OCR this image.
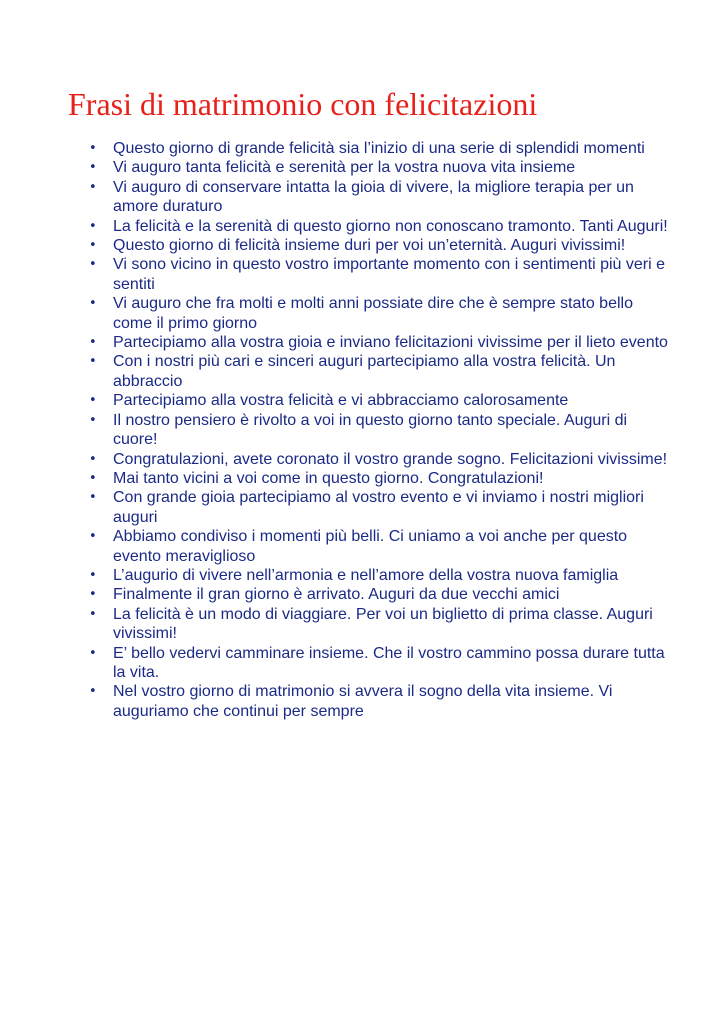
Frasi di matrimonio con felicitazioni
• Questo giorno di grande felicità sia l’inizio di una serie di splendidi momenti
• Vi auguro tanta felicità e serenità per la vostra nuova vita insieme
• Vi auguro di conservare intatta la gioia di vivere, la migliore terapia per un amore duraturo
• La felicità e la serenità di questo giorno non conoscano tramonto. Tanti Auguri!
• Questo giorno di felicità insieme duri per voi un’eternità. Auguri vivissimi!
• Vi sono vicino in questo vostro importante momento con i sentimenti più veri e sentiti
• Vi auguro che fra molti e molti anni possiate dire che è sempre stato bello come il primo giorno
• Partecipiamo alla vostra gioia e inviano felicitazioni vivissime per il lieto evento
• Con i nostri più cari e sinceri auguri partecipiamo alla vostra felicità. Un abbraccio
• Partecipiamo alla vostra felicità e vi abbracciamo calorosamente
• Il nostro pensiero è rivolto a voi in questo giorno tanto speciale. Auguri di cuore!
• Congratulazioni, avete coronato il vostro grande sogno. Felicitazioni vivissime!
• Mai tanto vicini a voi come in questo giorno. Congratulazioni!
• Con grande gioia partecipiamo al vostro evento e vi inviamo i nostri migliori auguri
• Abbiamo condiviso i momenti più belli. Ci uniamo a voi anche per questo evento meraviglioso
• L’augurio di vivere nell’armonia e nell’amore della vostra nuova famiglia
• Finalmente il gran giorno è arrivato. Auguri da due vecchi amici
• La felicità è un modo di viaggiare. Per voi un biglietto di prima classe. Auguri vivissimi!
• E’ bello vedervi camminare insieme. Che il vostro cammino possa durare tutta la vita.
• Nel vostro giorno di matrimonio si avvera il sogno della vita insieme. Vi auguriamo che continui per sempre
